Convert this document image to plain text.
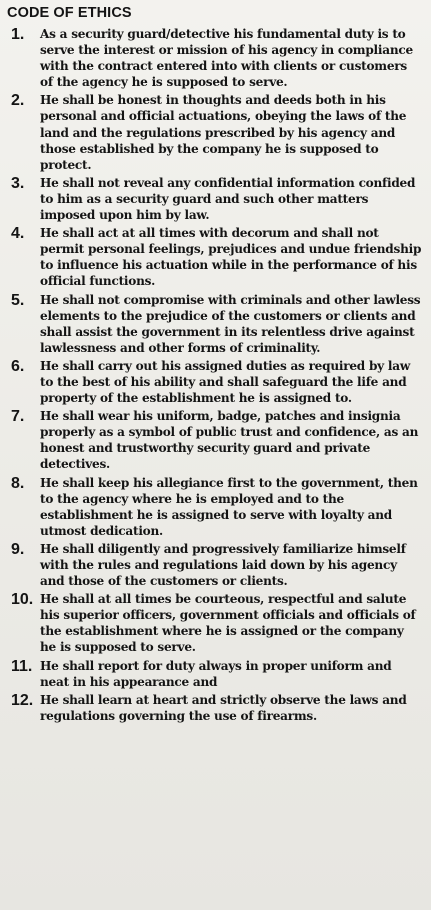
CODE OF ETHICS
1.	As a security guard/detective his fundamental duty is to serve the interest or mission of his agency in compliance with the contract entered into with clients or customers of the agency he is supposed to serve.
2.	He shall be honest in thoughts and deeds both in his personal and official actuations, obeying the laws of the land and the regulations prescribed by his agency and those established by the company he is supposed to protect.
3.	He shall not reveal any confidential information confided to him as a security guard and such other matters imposed upon him by law.
4.	He shall act at all times with decorum and shall not permit personal feelings, prejudices and undue friendship to influence his actuation while in the performance of his official functions.
5.	He shall not compromise with criminals and other lawless elements to the prejudice of the customers or clients and shall assist the government in its relentless drive against lawlessness and other forms of criminality.
6.	He shall carry out his assigned duties as required by law to the best of his ability and shall safeguard the life and property of the establishment he is assigned to.
7.	He shall wear his uniform, badge, patches and insignia properly as a symbol of public trust and confidence, as an honest and trustworthy security guard and private detectives.
8.	He shall keep his allegiance first to the government, then to the agency where he is employed and to the establishment he is assigned to serve with loyalty and utmost dedication.
9.	He shall diligently and progressively familiarize himself with the rules and regulations laid down by his agency and those of the customers or clients.
10. He shall at all times be courteous, respectful and salute his superior officers, government officials and officials of the establishment where he is assigned or the company he is supposed to serve.
11. He shall report for duty always in proper uniform and neat in his appearance and
12. He shall learn at heart and strictly observe the laws and regulations governing the use of firearms.
